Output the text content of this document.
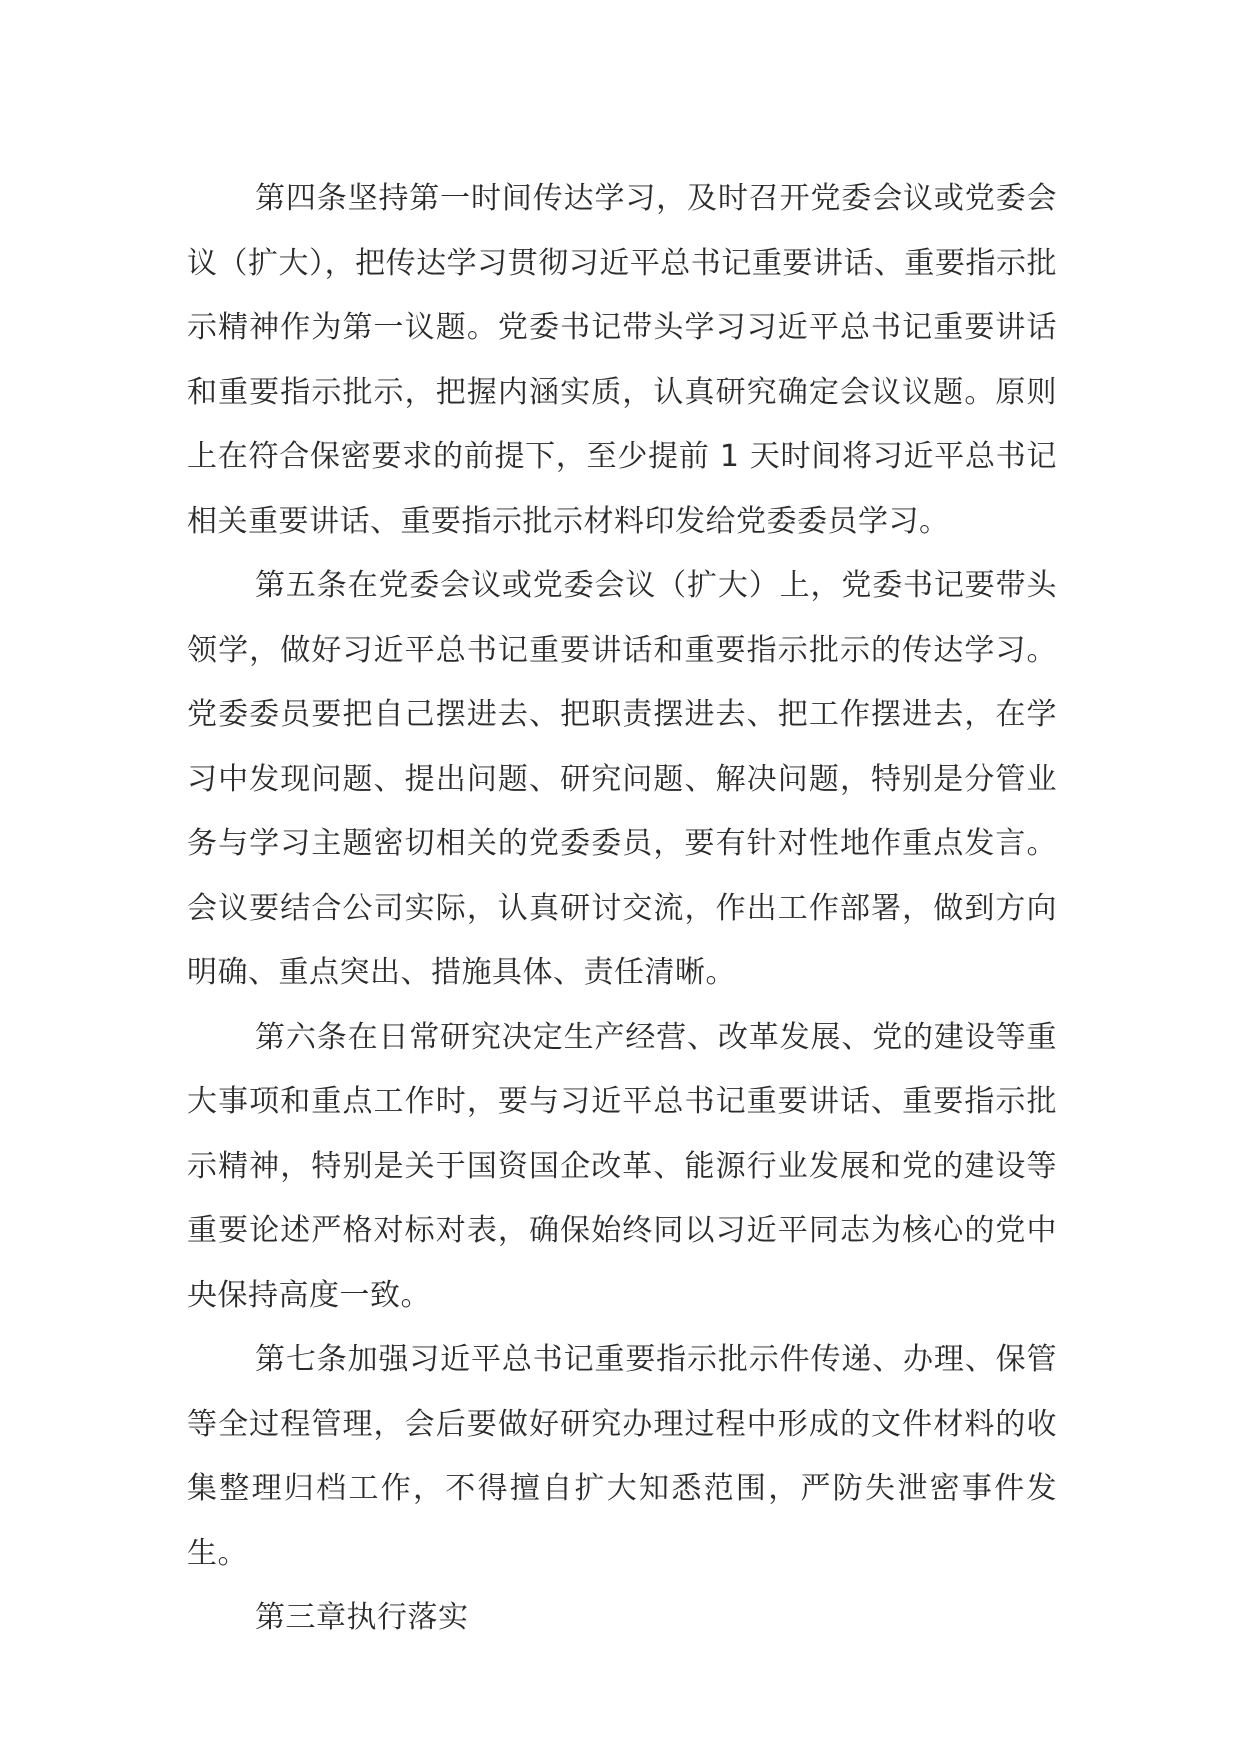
第四条坚持第一时间传达学习，及时召开党委会议或党委会议（扩大），把传达学习贯彻习近平总书记重要讲话、重要指示批示精神作为第一议题。党委书记带头学习习近平总书记重要讲话和重要指示批示，把握内涵实质，认真研究确定会议议题。原则上在符合保密要求的前提下，至少提前 1 天时间将习近平总书记相关重要讲话、重要指示批示材料印发给党委委员学习。

第五条在党委会议或党委会议（扩大）上，党委书记要带头领学，做好习近平总书记重要讲话和重要指示批示的传达学习。党委委员要把自己摆进去、把职责摆进去、把工作摆进去，在学习中发现问题、提出问题、研究问题、解决问题，特别是分管业务与学习主题密切相关的党委委员，要有针对性地作重点发言。会议要结合公司实际，认真研讨交流，作出工作部署，做到方向明确、重点突出、措施具体、责任清晰。

第六条在日常研究决定生产经营、改革发展、党的建设等重大事项和重点工作时，要与习近平总书记重要讲话、重要指示批示精神，特别是关于国资国企改革、能源行业发展和党的建设等重要论述严格对标对表，确保始终同以习近平同志为核心的党中央保持高度一致。

第七条加强习近平总书记重要指示批示件传递、办理、保管等全过程管理，会后要做好研究办理过程中形成的文件材料的收集整理归档工作，不得擅自扩大知悉范围，严防失泄密事件发生。

第三章执行落实
